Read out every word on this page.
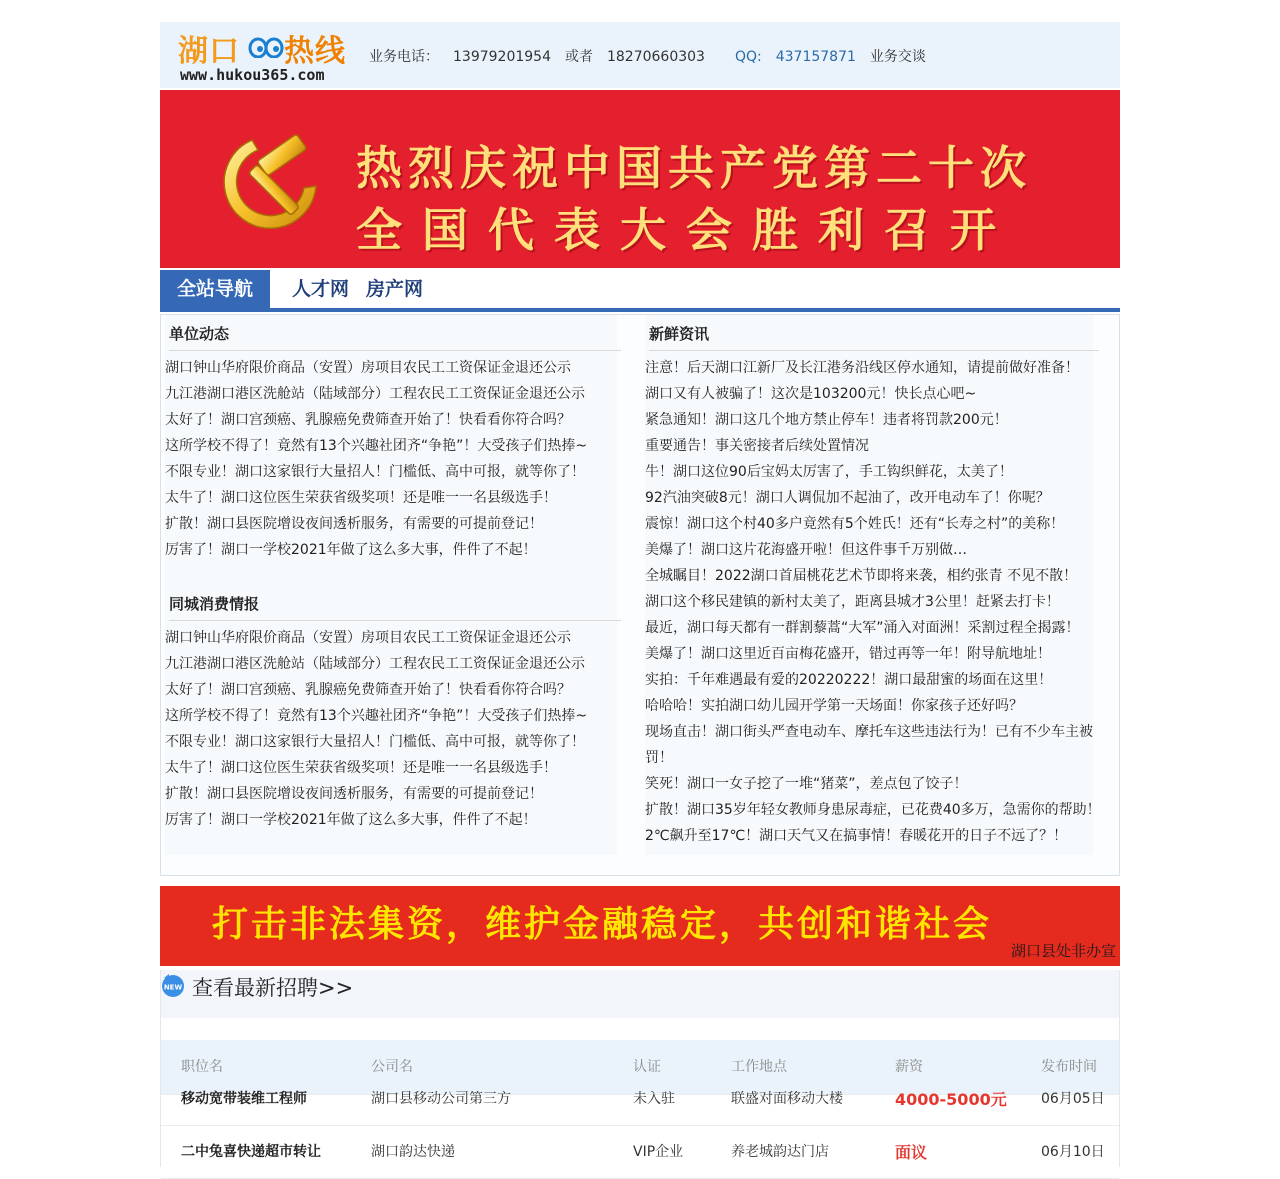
湖口 热线
www.hukou365.com
业务电话： 13979201954 或者 18270660303 QQ: 437157871 业务交谈
热烈庆祝中国共产党第二十次
全国代表大会胜利召开
全站导航	人才网 房产网
单位动态
湖口钟山华府限价商品（安置）房项目农民工工资保证金退还公示
九江港湖口港区洗舱站（陆域部分）工程农民工工资保证金退还公示
太好了！湖口宫颈癌、乳腺癌免费筛查开始了！快看看你符合吗？
这所学校不得了！竟然有13个兴趣社团齐“争艳”！大受孩子们热捧~
不限专业！湖口这家银行大量招人！门槛低、高中可报，就等你了！
太牛了！湖口这位医生荣获省级奖项！还是唯一一名县级选手！
扩散！湖口县医院增设夜间透析服务，有需要的可提前登记！
厉害了！湖口一学校2021年做了这么多大事，件件了不起！
同城消费情报
湖口钟山华府限价商品（安置）房项目农民工工资保证金退还公示
九江港湖口港区洗舱站（陆域部分）工程农民工工资保证金退还公示
太好了！湖口宫颈癌、乳腺癌免费筛查开始了！快看看你符合吗？
这所学校不得了！竟然有13个兴趣社团齐“争艳”！大受孩子们热捧~
不限专业！湖口这家银行大量招人！门槛低、高中可报，就等你了！
太牛了！湖口这位医生荣获省级奖项！还是唯一一名县级选手！
扩散！湖口县医院增设夜间透析服务，有需要的可提前登记！
厉害了！湖口一学校2021年做了这么多大事，件件了不起！
新鲜资讯
注意！后天湖口江新厂及长江港务沿线区停水通知，请提前做好准备！
湖口又有人被骗了！这次是103200元！快长点心吧~
紧急通知！湖口这几个地方禁止停车！违者将罚款200元！
重要通告！事关密接者后续处置情况
牛！湖口这位90后宝妈太厉害了，手工钩织鲜花，太美了！
92汽油突破8元！湖口人调侃加不起油了，改开电动车了！你呢？
震惊！湖口这个村40多户竟然有5个姓氏！还有“长寿之村”的美称！
美爆了！湖口这片花海盛开啦！但这件事千万别做…
全城瞩目！2022湖口首届桃花艺术节即将来袭，相约张青 不见不散！
湖口这个移民建镇的新村太美了，距离县城才3公里！赶紧去打卡！
最近，湖口每天都有一群割藜蒿“大军”涌入对面洲！采割过程全揭露！
美爆了！湖口这里近百亩梅花盛开，错过再等一年！附导航地址！
实拍：千年难遇最有爱的20220222！湖口最甜蜜的场面在这里！
哈哈哈！实拍湖口幼儿园开学第一天场面！你家孩子还好吗？
现场直击！湖口街头严查电动车、摩托车这些违法行为！已有不少车主被罚！
笑死！湖口一女子挖了一堆“猪菜”，差点包了饺子！
扩散！湖口35岁年轻女教师身患尿毒症，已花费40多万，急需你的帮助！
2℃飙升至17℃！湖口天气又在搞事情！春暖花开的日子不远了？！
打击非法集资，维护金融稳定，共创和谐社会
湖口县处非办宣
NEW 查看最新招聘>>
职位名	公司名	认证	工作地点	薪资	发布时间
移动宽带装维工程师	湖口县移动公司第三方	未入驻	联盛对面移动大楼	4000-5000元 06月05日
二中兔喜快递超市转让	湖口韵达快递	VIP企业	养老城韵达门店	面议	06月10日
